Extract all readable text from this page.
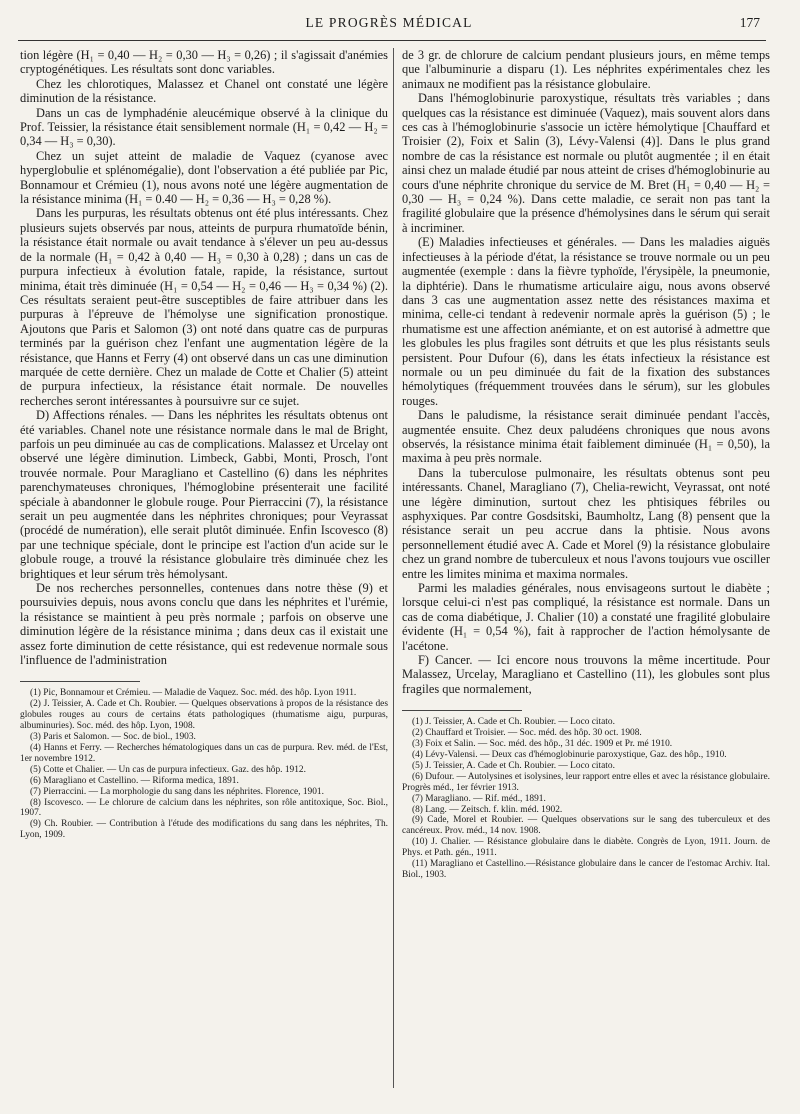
LE PROGRÈS MÉDICAL	177

tion légère (H₁ = 0,40 — H₂ = 0,30 — H₃ = 0,26) ; il s'agissait d'anémies cryptogénétiques. Les résultats sont donc variables.

Chez les chlorotiques, Malassez et Chanel ont constaté une légère diminution de la résistance.

Dans un cas de lymphadénie aleucémique observé à la clinique du Prof. Teissier, la résistance était sensiblement normale (H₁ = 0,42 — H₂ = 0,34 — H₃ = 0,30).

Chez un sujet atteint de maladie de Vaquez (cyanose avec hyperglobulie et splénomégalie), dont l'observation a été publiée par Pic, Bonnamour et Crémieu (1), nous avons noté une légère augmentation de la résistance minima (H₁ = 0.40 — H₂ = 0,36 — H₃ = 0,28 %).

Dans les purpuras, les résultats obtenus ont été plus intéressants. Chez plusieurs sujets observés par nous, atteints de purpura rhumatoïde bénin, la résistance était normale ou avait tendance à s'élever un peu au-dessus de la normale (H₁ = 0,42 à 0,40 — H₃ = 0,30 à 0,28) ; dans un cas de purpura infectieux à évolution fatale, rapide, la résistance, surtout minima, était très diminuée (H₁ = 0,54 — H₂ = 0,46 — H₃ = 0,34 %) (2). Ces résultats seraient peut-être susceptibles de faire attribuer dans les purpuras à l'épreuve de l'hémolyse une signification pronostique. Ajoutons que Paris et Salomon (3) ont noté dans quatre cas de purpuras terminés par la guérison chez l'enfant une augmentation légère de la résistance, que Hanns et Ferry (4) ont observé dans un cas une diminution marquée de cette dernière. Chez un malade de Cotte et Chalier (5) atteint de purpura infectieux, la résistance était normale. De nouvelles recherches seront intéressantes à poursuivre sur ce sujet.

D) Affections rénales. — Dans les néphrites les résultats obtenus ont été variables. Chanel note une résistance normale dans le mal de Bright, parfois un peu diminuée au cas de complications. Malassez et Urcelay ont observé une légère diminution. Limbeck, Gabbi, Monti, Prosch, l'ont trouvée normale. Pour Maragliano et Castellino (6) dans les néphrites parenchymateuses chroniques, l'hémoglobine présenterait une facilité spéciale à abandonner le globule rouge. Pour Pierraccini (7), la résistance serait un peu augmentée dans les néphrites chroniques; pour Veyrassat (procédé de numération), elle serait plutôt diminuée. Enfin Iscovesco (8) par une technique spéciale, dont le principe est l'action d'un acide sur le globule rouge, a trouvé la résistance globulaire très diminuée chez les brightiques et leur sérum très hémolysant.

De nos recherches personnelles, contenues dans notre thèse (9) et poursuivies depuis, nous avons conclu que dans les néphrites et l'urémie, la résistance se maintient à peu près normale ; parfois on observe une diminution légère de la résistance minima ; dans deux cas il existait une assez forte diminution de cette résistance, qui est redevenue normale sous l'influence de l'administration

(1) Pic, Bonnamour et Crémieu. — Maladie de Vaquez. Soc. méd. des hôp. Lyon 1911.

(2) J. Teissier, A. Cade et Ch. Roubier. — Quelques observations à propos de la résistance des globules rouges au cours de certains états pathologiques (rhumatisme aigu, purpuras, albuminuries). Soc. méd. des hôp. Lyon, 1908.

(3) Paris et Salomon. — Soc. de biol., 1903.

(4) Hanns et Ferry. — Recherches hématologiques dans un cas de purpura. Rev. méd. de l'Est, 1er novembre 1912.

(5) Cotte et Chalier. — Un cas de purpura infectieux. Gaz. des hôp. 1912.

(6) Maragliano et Castellino. — Riforma medica, 1891.

(7) Pierraccini. — La morphologie du sang dans les néphrites. Florence, 1901.

(8) Iscovesco. — Le chlorure de calcium dans les néphrites, son rôle antitoxique, Soc. Biol., 1907.

(9) Ch. Roubier. — Contribution à l'étude des modifications du sang dans les néphrites, Th. Lyon, 1909.

de 3 gr. de chlorure de calcium pendant plusieurs jours, en même temps que l'albuminurie a disparu (1). Les néphrites expérimentales chez les animaux ne modifient pas la résistance globulaire.

Dans l'hémoglobinurie paroxystique, résultats très variables ; dans quelques cas la résistance est diminuée (Vaquez), mais souvent alors dans ces cas à l'hémoglobinurie s'associe un ictère hémolytique [Chauffard et Troisier (2), Foix et Salin (3), Lévy-Valensi (4)]. Dans le plus grand nombre de cas la résistance est normale ou plutôt augmentée ; il en était ainsi chez un malade étudié par nous atteint de crises d'hémoglobinurie au cours d'une néphrite chronique du service de M. Bret (H₁ = 0,40 — H₂ = 0,30 — H₃ = 0,24 %). Dans cette maladie, ce serait non pas tant la fragilité globulaire que la présence d'hémolysines dans le sérum qui serait à incriminer.

(E) Maladies infectieuses et générales. — Dans les maladies aiguës infectieuses à la période d'état, la résistance se trouve normale ou un peu augmentée (exemple : dans la fièvre typhoïde, l'érysipèle, la pneumonie, la diphtérie). Dans le rhumatisme articulaire aigu, nous avons observé dans 3 cas une augmentation assez nette des résistances maxima et minima, celle-ci tendant à redevenir normale après la guérison (5) ; le rhumatisme est une affection anémiante, et on est autorisé à admettre que les globules les plus fragiles sont détruits et que les plus résistants seuls persistent. Pour Dufour (6), dans les états infectieux la résistance est normale ou un peu diminuée du fait de la fixation des substances hémolytiques (fréquemment trouvées dans le sérum), sur les globules rouges.

Dans le paludisme, la résistance serait diminuée pendant l'accès, augmentée ensuite. Chez deux paludéens chroniques que nous avons observés, la résistance minima était faiblement diminuée (H₁ = 0,50), la maxima à peu près normale.

Dans la tuberculose pulmonaire, les résultats obtenus sont peu intéressants. Chanel, Maragliano (7), Chelia-rewicht, Veyrassat, ont noté une légère diminution, surtout chez les phtisiques fébriles ou asphyxiques. Par contre Gosdsitski, Baumholtz, Lang (8) pensent que la résistance serait un peu accrue dans la phtisie. Nous avons personnellement étudié avec A. Cade et Morel (9) la résistance globulaire chez un grand nombre de tuberculeux et nous l'avons toujours vue osciller entre les limites minima et maxima normales.

Parmi les maladies générales, nous envisageons surtout le diabète ; lorsque celui-ci n'est pas compliqué, la résistance est normale. Dans un cas de coma diabétique, J. Chalier (10) a constaté une fragilité globulaire évidente (H₁ = 0,54 %), fait à rapprocher de l'action hémolysante de l'acétone.

F) Cancer. — Ici encore nous trouvons la même incertitude. Pour Malassez, Urcelay, Maragliano et Castellino (11), les globules sont plus fragiles que normalement,

(1) J. Teissier, A. Cade et Ch. Roubier. — Loco citato.

(2) Chauffard et Troisier. — Soc. méd. des hôp. 30 oct. 1908.

(3) Foix et Salin. — Soc. méd. des hôp., 31 déc. 1909 et Pr. mé 1910.

(4) Lévy-Valensi. — Deux cas d'hémoglobinurie paroxystique, Gaz. des hôp., 1910.

(5) J. Teissier, A. Cade et Ch. Roubier. — Loco citato.

(6) Dufour. — Autolysines et isolysines, leur rapport entre elles et avec la résistance globulaire. Progrès méd., 1er février 1913.

(7) Maragliano. — Rif. méd., 1891.

(8) Lang. — Zeitsch. f. klin. méd. 1902.

(9) Cade, Morel et Roubier. — Quelques observations sur le sang des tuberculeux et des cancéreux. Prov. méd., 14 nov. 1908.

(10) J. Chalier. — Résistance globulaire dans le diabète. Congrès de Lyon, 1911. Journ. de Phys. et Path. gén., 1911.

(11) Maragliano et Castellino.—Résistance globulaire dans le cancer de l'estomac Archiv. Ital. Biol., 1903.
